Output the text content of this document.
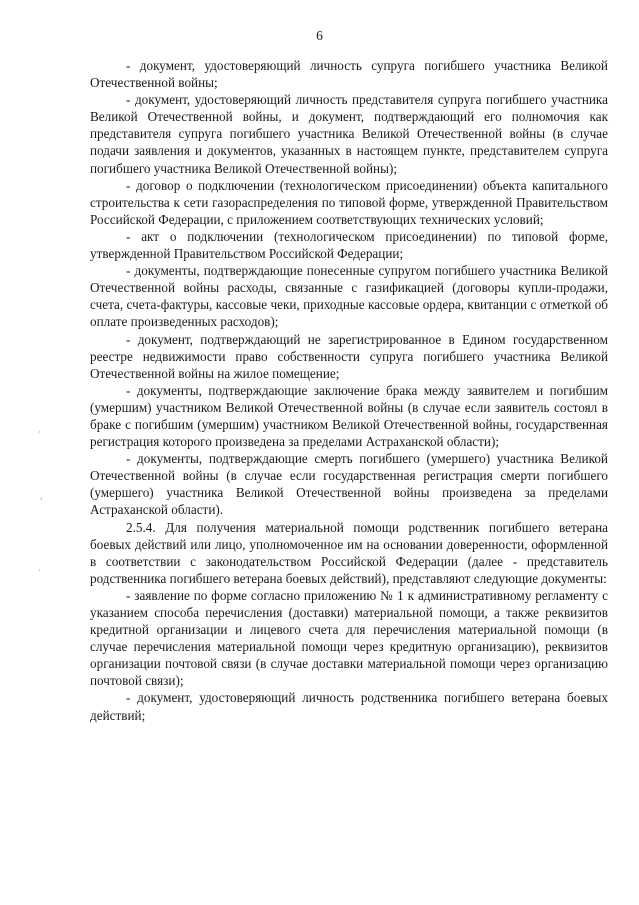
6

- документ, удостоверяющий личность супруга погибшего участника Великой Отечественной войны;

- документ, удостоверяющий личность представителя супруга погибшего участника Великой Отечественной войны, и документ, подтверждающий его полномочия как представителя супруга погибшего участника Великой Отечественной войны (в случае подачи заявления и документов, указанных в настоящем пункте, представителем супруга погибшего участника Великой Отечественной войны);

- договор о подключении (технологическом присоединении) объекта капитального строительства к сети газораспределения по типовой форме, утвержденной Правительством Российской Федерации, с приложением соответствующих технических условий;

- акт о подключении (технологическом присоединении) по типовой форме, утвержденной Правительством Российской Федерации;

- документы, подтверждающие понесенные супругом погибшего участника Великой Отечественной войны расходы, связанные с газификацией (договоры купли-продажи, счета, счета-фактуры, кассовые чеки, приходные кассовые ордера, квитанции с отметкой об оплате произведенных расходов);

- документ, подтверждающий не зарегистрированное в Едином государственном реестре недвижимости право собственности супруга погибшего участника Великой Отечественной войны на жилое помещение;

- документы, подтверждающие заключение брака между заявителем и погибшим (умершим) участником Великой Отечественной войны (в случае если заявитель состоял в браке с погибшим (умершим) участником Великой Отечественной войны, государственная регистрация которого произведена за пределами Астраханской области);

- документы, подтверждающие смерть погибшего (умершего) участника Великой Отечественной войны (в случае если государственная регистрация смерти погибшего (умершего) участника Великой Отечественной войны произведена за пределами Астраханской области).

2.5.4. Для получения материальной помощи родственник погибшего ветерана боевых действий или лицо, уполномоченное им на основании доверенности, оформленной в соответствии с законодательством Российской Федерации (далее - представитель родственника погибшего ветерана боевых действий), представляют следующие документы:

- заявление по форме согласно приложению № 1 к административному регламенту с указанием способа перечисления (доставки) материальной помощи, а также реквизитов кредитной организации и лицевого счета для перечисления материальной помощи (в случае перечисления материальной помощи через кредитную организацию), реквизитов организации почтовой связи (в случае доставки материальной помощи через организацию почтовой связи);

- документ, удостоверяющий личность родственника погибшего ветерана боевых действий;

·
‘
·
